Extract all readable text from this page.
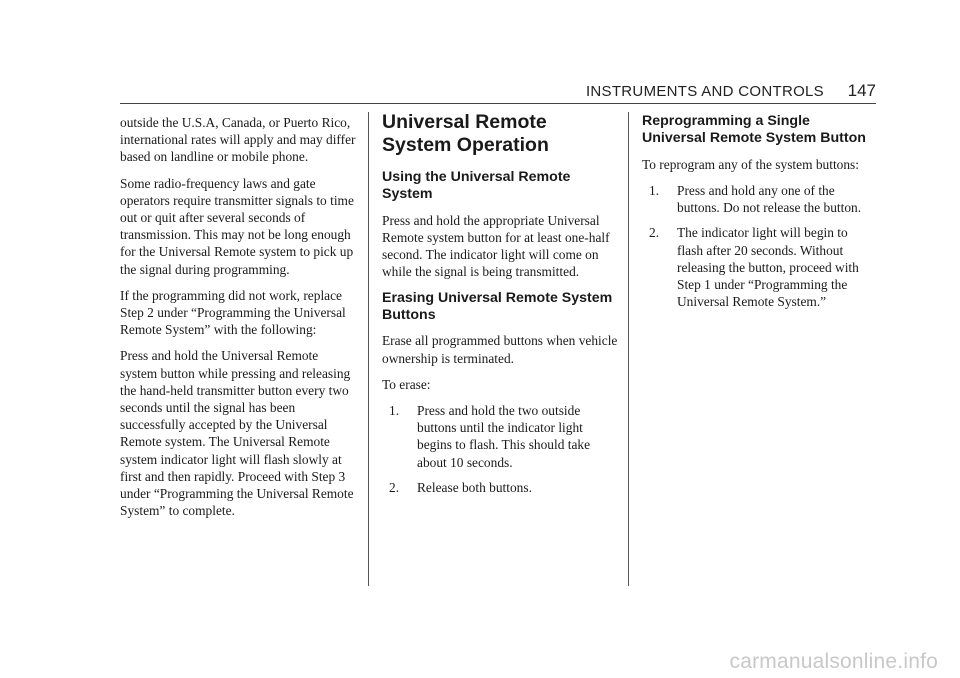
INSTRUMENTS AND CONTROLS 147

outside the U.S.A, Canada, or Puerto Rico, international rates will apply and may differ based on landline or mobile phone.

Some radio-frequency laws and gate operators require transmitter signals to time out or quit after several seconds of transmission. This may not be long enough for the Universal Remote system to pick up the signal during programming.

If the programming did not work, replace Step 2 under “Programming the Universal Remote System” with the following:

Press and hold the Universal Remote system button while pressing and releasing the hand-held transmitter button every two seconds until the signal has been successfully accepted by the Universal Remote system. The Universal Remote system indicator light will flash slowly at first and then rapidly. Proceed with Step 3 under “Programming the Universal Remote System” to complete.

Universal Remote System Operation
Using the Universal Remote System

Press and hold the appropriate Universal Remote system button for at least one-half second. The indicator light will come on while the signal is being transmitted.

Erasing Universal Remote System Buttons

Erase all programmed buttons when vehicle ownership is terminated.

To erase:

1. Press and hold the two outside buttons until the indicator light begins to flash. This should take about 10 seconds.
2. Release both buttons.
Reprogramming a Single Universal Remote System Button

To reprogram any of the system buttons:

1. Press and hold any one of the buttons. Do not release the button.
2. The indicator light will begin to flash after 20 seconds. Without releasing the button, proceed with Step 1 under “Programming the Universal Remote System.”
carmanualsonline.info
